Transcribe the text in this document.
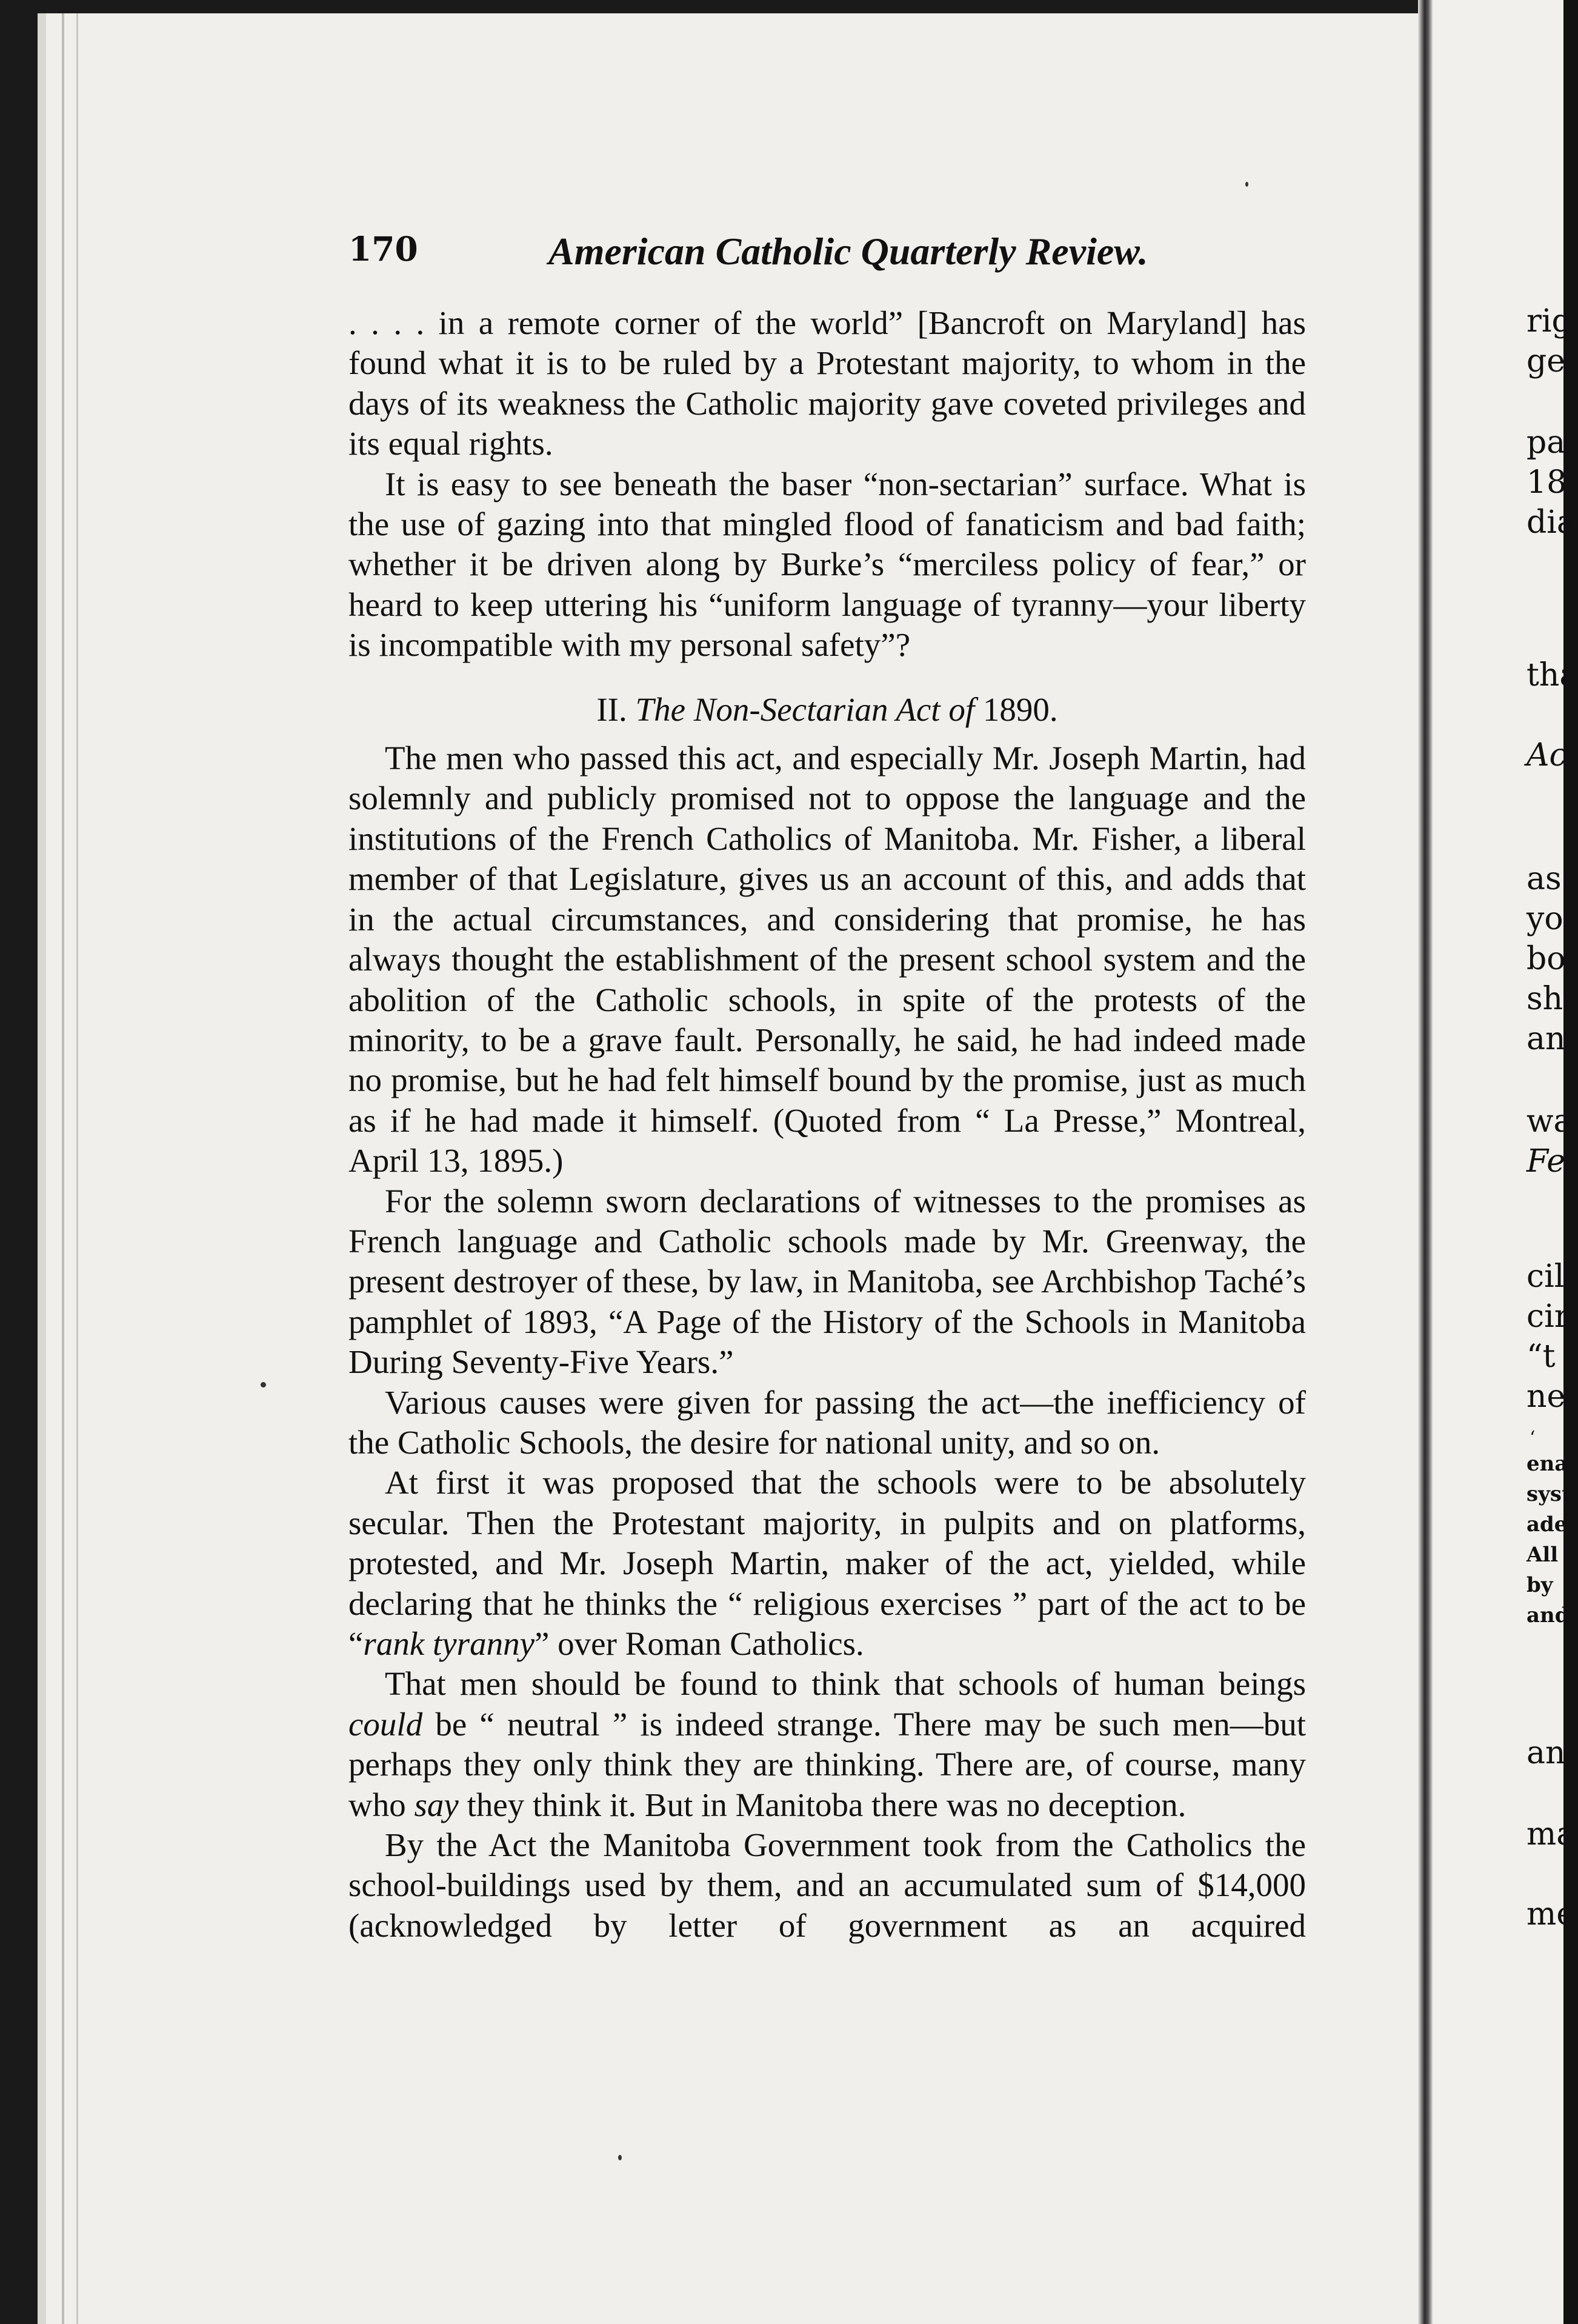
rig
ge
pa
18
dia
tha
Ac
as
yo
bo
sh
an
wa
Fe
cil
cir
“t
ne
‘
ena
syst
ade
All
by
and
an
ma
me
170	American Catholic Quarterly Review.

. . . . in a remote corner of the world” [Bancroft on Maryland] has found what it is to be ruled by a Protestant majority, to whom in the days of its weakness the Catholic majority gave coveted privileges and its equal rights.

It is easy to see beneath the baser “non-sectarian” surface. What is the use of gazing into that mingled flood of fanaticism and bad faith; whether it be driven along by Burke’s “merciless policy of fear,” or heard to keep uttering his “uniform language of tyranny—your liberty is incompatible with my personal safety”?

II. The Non-Sectarian Act of 1890.

The men who passed this act, and especially Mr. Joseph Martin, had solemnly and publicly promised not to oppose the language and the institutions of the French Catholics of Manitoba. Mr. Fisher, a liberal member of that Legislature, gives us an account of this, and adds that in the actual circumstances, and considering that promise, he has always thought the establishment of the present school system and the abolition of the Catholic schools, in spite of the protests of the minority, to be a grave fault. Personally, he said, he had indeed made no promise, but he had felt himself bound by the promise, just as much as if he had made it himself. (Quoted from “ La Presse,” Montreal, April 13, 1895.)

For the solemn sworn declarations of witnesses to the promises as French language and Catholic schools made by Mr. Greenway, the present destroyer of these, by law, in Manitoba, see Archbishop Taché’s pamphlet of 1893, “A Page of the History of the Schools in Manitoba During Seventy-Five Years.”

Various causes were given for passing the act—the inefficiency of the Catholic Schools, the desire for national unity, and so on.

At first it was proposed that the schools were to be absolutely secular. Then the Protestant majority, in pulpits and on platforms, protested, and Mr. Joseph Martin, maker of the act, yielded, while declaring that he thinks the “ religious exercises ” part of the act to be “rank tyranny” over Roman Catholics.

That men should be found to think that schools of human beings could be “ neutral ” is indeed strange. There may be such men—but perhaps they only think they are thinking. There are, of course, many who say they think it. But in Manitoba there was no deception.

By the Act the Manitoba Government took from the Catholics the school-buildings used by them, and an accumulated sum of $14,000 (acknowledged by letter of government as an acquired
